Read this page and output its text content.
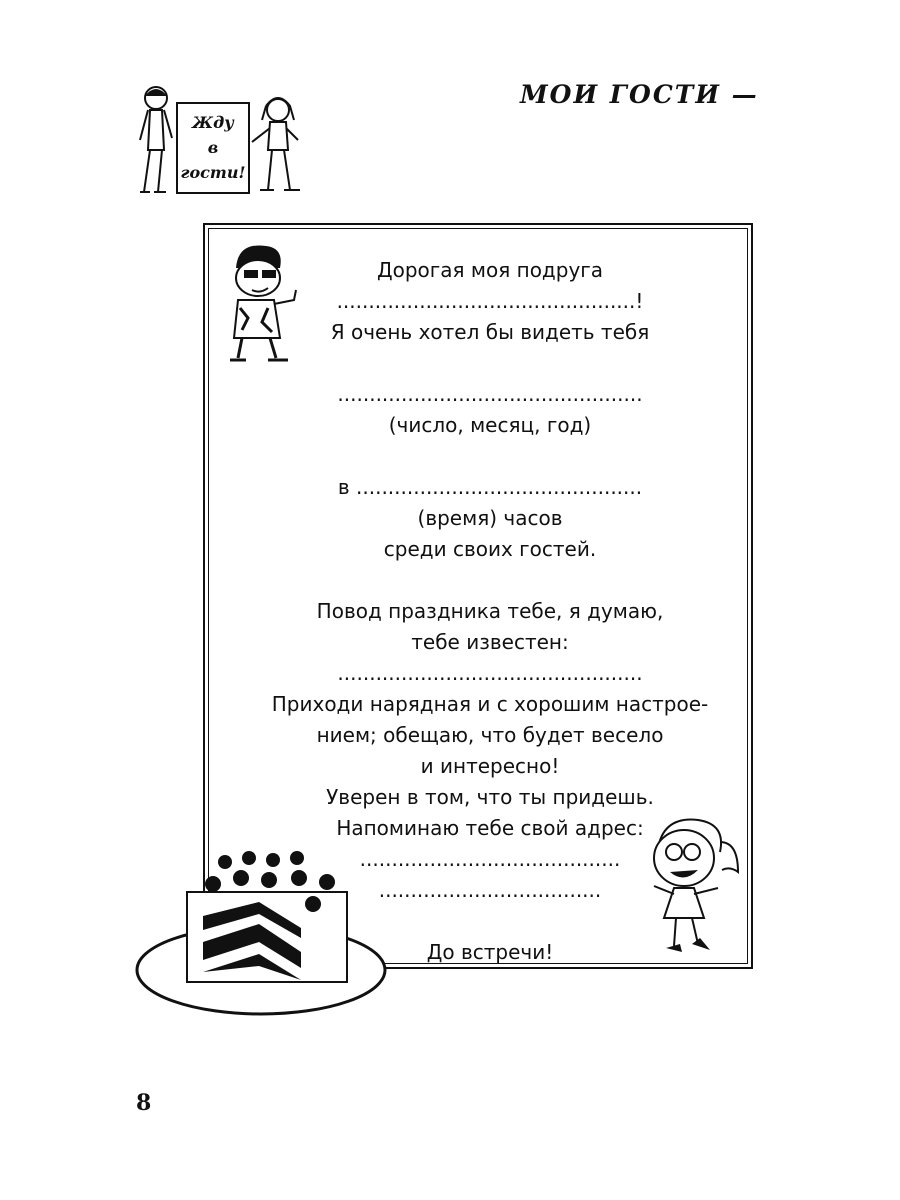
МОИ ГОСТИ —
Жду
в
гости!
Дорогая моя подруга
...............................................!
Я очень хотел бы видеть тебя
................................................
(число, месяц, год)
в .............................................
(время) часов
среди своих гостей.
Повод праздника тебе, я думаю,
тебе известен:
................................................
Приходи нарядная и с хорошим настрое-
нием; обещаю, что будет весело
и интересно!
Уверен в том, что ты придешь.
Напоминаю тебе свой адрес:
.........................................
...................................
До встречи!
8
